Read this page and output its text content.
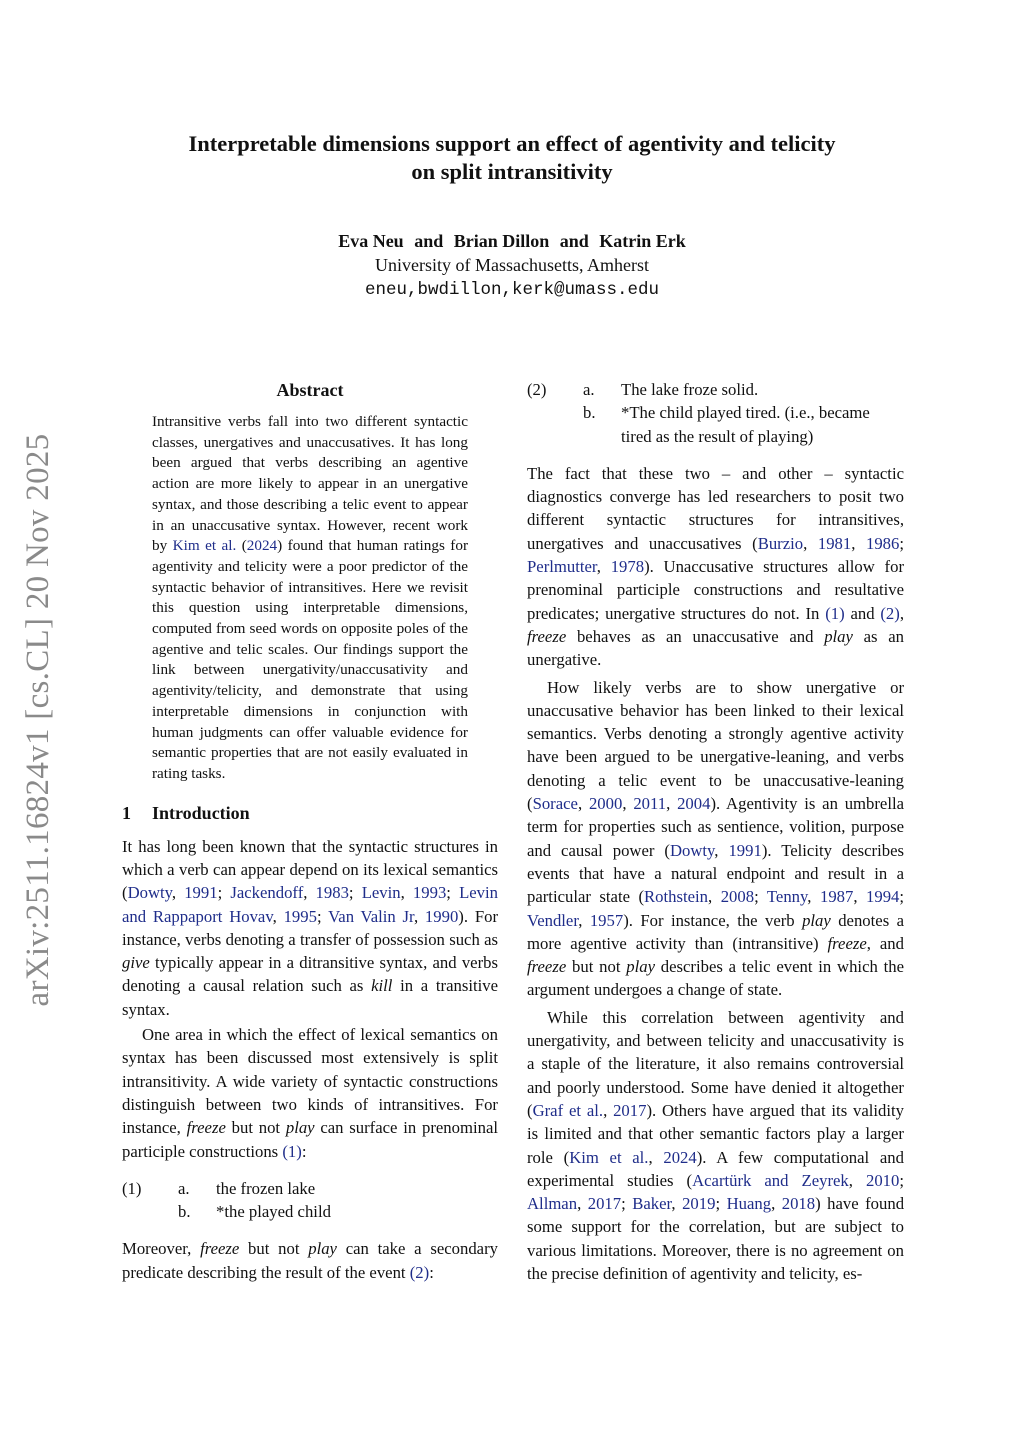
arXiv:2511.16824v1 [cs.CL] 20 Nov 2025
Interpretable dimensions support an effect of agentivity and telicity
on split intransitivity
Eva Neu and Brian Dillon and Katrin Erk
University of Massachusetts, Amherst
eneu,bwdillon,kerk@umass.edu
Abstract

Intransitive verbs fall into two different syntactic classes, unergatives and unaccusatives. It has long been argued that verbs describing an agentive action are more likely to appear in an unergative syntax, and those describing a telic event to appear in an unaccusative syntax. However, recent work by Kim et al. (2024) found that human ratings for agentivity and telicity were a poor predictor of the syntactic behavior of intransitives. Here we revisit this question using interpretable dimensions, computed from seed words on opposite poles of the agentive and telic scales. Our findings support the link between unergativity/unaccusativity and agentivity/telicity, and demonstrate that using interpretable dimensions in conjunction with human judgments can offer valuable evidence for semantic properties that are not easily evaluated in rating tasks.

1	Introduction

It has long been known that the syntactic structures in which a verb can appear depend on its lexical semantics (Dowty, 1991; Jackendoff, 1983; Levin, 1993; Levin and Rappaport Hovav, 1995; Van Valin Jr, 1990). For instance, verbs denoting a transfer of possession such as give typically appear in a ditransitive syntax, and verbs denoting a causal relation such as kill in a transitive syntax.

One area in which the effect of lexical semantics on syntax has been discussed most extensively is split intransitivity. A wide variety of syntactic constructions distinguish between two kinds of intransitives. For instance, freeze but not play can surface in prenominal participle constructions (1):

(1)	a.	the frozen lake
b.	*the played child

Moreover, freeze but not play can take a secondary predicate describing the result of the event (2):

(2)	a.	The lake froze solid.
b.	*The child played tired. (i.e., became
tired as the result of playing)

The fact that these two – and other – syntactic diagnostics converge has led researchers to posit two different syntactic structures for intransitives, unergatives and unaccusatives (Burzio, 1981, 1986; Perlmutter, 1978). Unaccusative structures allow for prenominal participle constructions and resultative predicates; unergative structures do not. In (1) and (2), freeze behaves as an unaccusative and play as an unergative.

How likely verbs are to show unergative or unaccusative behavior has been linked to their lexical semantics. Verbs denoting a strongly agentive activity have been argued to be unergative-leaning, and verbs denoting a telic event to be unaccusative-leaning (Sorace, 2000, 2011, 2004). Agentivity is an umbrella term for properties such as sentience, volition, purpose and causal power (Dowty, 1991). Telicity describes events that have a natural endpoint and result in a particular state (Rothstein, 2008; Tenny, 1987, 1994; Vendler, 1957). For instance, the verb play denotes a more agentive activity than (intransitive) freeze, and freeze but not play describes a telic event in which the argument undergoes a change of state.

While this correlation between agentivity and unergativity, and between telicity and unaccusativity is a staple of the literature, it also remains controversial and poorly understood. Some have denied it altogether (Graf et al., 2017). Others have argued that its validity is limited and that other semantic factors play a larger role (Kim et al., 2024). A few computational and experimental studies (Acartürk and Zeyrek, 2010; Allman, 2017; Baker, 2019; Huang, 2018) have found some support for the correlation, but are subject to various limitations. Moreover, there is no agreement on the precise definition of agentivity and telicity, es-
